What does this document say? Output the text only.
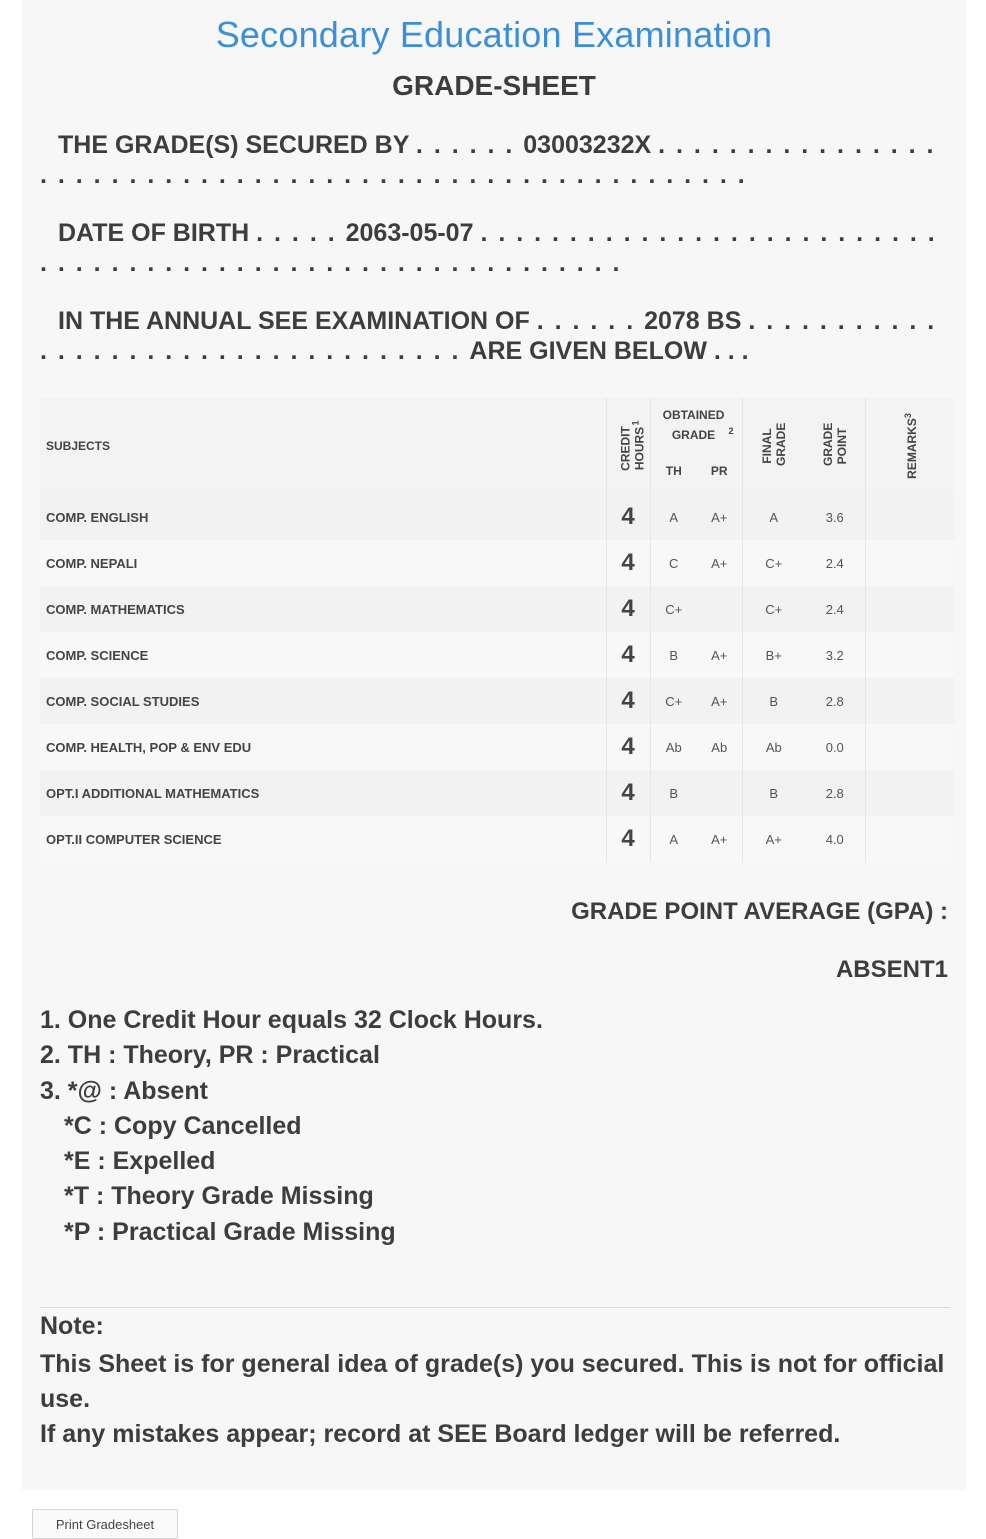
Secondary Education Examination
GRADE-SHEET
THE GRADE(S) SECURED BY . . . . . . 03003232X . . . . . . . . . . . . . . . . . . . . . . . . . . . . . . . . . . . . . . . . . . . . . . . . . . . . . . . .
DATE OF BIRTH . . . . . 2063-05-07 . . . . . . . . . . . . . . . . . . . . . . . . . . . . . . . . . . . . . . . . . . . . . . . . . . . . . . . . . . .
IN THE ANNUAL SEE EXAMINATION OF . . . . . . 2078 BS . . . . . . . . . . . . . . . . . . . . . . . . . . . . . . . . . . . ARE GIVEN BELOW . . .
SUBJECTS	CREDIT HOURS$^1$	OBTAINED GRADE $^2$		FINAL GRADE	GRADE POINT	REMARKS$^3$
		TH	PR			
COMP. ENGLISH	4	A	A+	A	3.6	
COMP. NEPALI	4	C	A+	C+	2.4	
COMP. MATHEMATICS	4	C+		C+	2.4	
COMP. SCIENCE	4	B	A+	B+	3.2	
COMP. SOCIAL STUDIES	4	C+	A+	B	2.8	
COMP. HEALTH, POP & ENV EDU	4	Ab	Ab	Ab	0.0	
OPT.I ADDITIONAL MATHEMATICS	4	B		B	2.8	
OPT.II COMPUTER SCIENCE	4	A	A+	A+	4.0	
GRADE POINT AVERAGE (GPA) :
ABSENT1
1. One Credit Hour equals 32 Clock Hours.
2. TH : Theory, PR : Practical
3. *@ : Absent
*C : Copy Cancelled
*E : Expelled
*T : Theory Grade Missing
*P : Practical Grade Missing
Note:
This Sheet is for general idea of grade(s) you secured. This is not for official use.
If any mistakes appear; record at SEE Board ledger will be referred.
Print Gradesheet
